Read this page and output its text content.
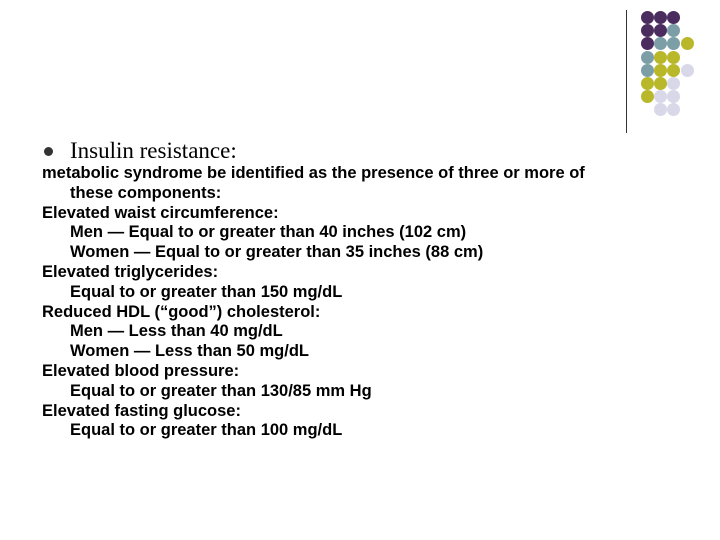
Insulin resistance:
metabolic syndrome be identified as the presence of three or more of
these components:
Elevated waist circumference:
Men — Equal to or greater than 40 inches (102 cm)
Women — Equal to or greater than 35 inches (88 cm)
Elevated triglycerides:
Equal to or greater than 150 mg/dL
Reduced HDL (“good”) cholesterol:
Men — Less than 40 mg/dL
Women — Less than 50 mg/dL
Elevated blood pressure:
Equal to or greater than 130/85 mm Hg
Elevated fasting glucose:
Equal to or greater than 100 mg/dL
